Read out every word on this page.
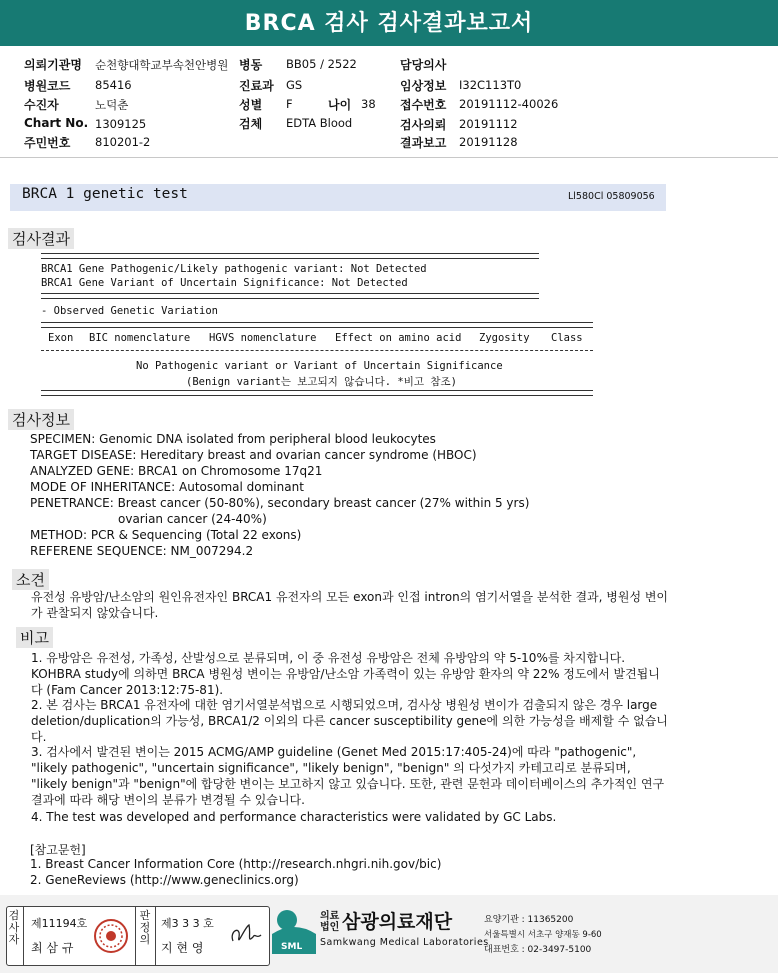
BRCA 검사 검사결과보고서
의뢰기관명 순천향대학교부속천안병원 병동 BB05 / 2522	담당의사
병원코드 85416	진료과 GS	임상정보 I32C113T0
수진자	노덕춘	성별 F	나이 38 접수번호 20191112-40026
Chart No. 1309125	검체 EDTA Blood	검사의뢰 20191112
주민번호 810201-2	결과보고 20191128
BRCA 1 genetic test	Ll580Cl 05809056
검사결과
BRCA1 Gene Pathogenic/Likely pathogenic variant: Not Detected
BRCA1 Gene Variant of Uncertain Significance: Not Detected
- Observed Genetic Variation
Exon BIC nomenclature HGVS nomenclature Effect on amino acid Zygosity Class
No Pathogenic variant or Variant of Uncertain Significance
(Benign variant는 보고되지 않습니다. *비고 참조)
검사정보
SPECIMEN: Genomic DNA isolated from peripheral blood leukocytes
TARGET DISEASE: Hereditary breast and ovarian cancer syndrome (HBOC)
ANALYZED GENE: BRCA1 on Chromosome 17q21
MODE OF INHERITANCE: Autosomal dominant
PENETRANCE: Breast cancer (50-80%), secondary breast cancer (27% within 5 yrs)
ovarian cancer (24-40%)
METHOD: PCR & Sequencing (Total 22 exons)
REFERENE SEQUENCE: NM_007294.2
소견
유전성 유방암/난소암의 원인유전자인 BRCA1 유전자의 모든 exon과 인접 intron의 염기서열을 분석한 결과, 병원성 변이가 관찰되지 않았습니다.
비고
1. 유방암은 유전성, 가족성, 산발성으로 분류되며, 이 중 유전성 유방암은 전체 유방암의 약 5-10%를 차지합니다. KOHBRA study에 의하면 BRCA 병원성 변이는 유방암/난소암 가족력이 있는 유방암 환자의 약 22% 정도에서 발견됩니다 (Fam Cancer 2013:12:75-81).
2. 본 검사는 BRCA1 유전자에 대한 염기서열분석법으로 시행되었으며, 검사상 병원성 변이가 검출되지 않은 경우 large deletion/duplication의 가능성, BRCA1/2 이외의 다른 cancer susceptibility gene에 의한 가능성을 배제할 수 없습니다.
3. 검사에서 발견된 변이는 2015 ACMG/AMP guideline (Genet Med 2015:17:405-24)에 따라 "pathogenic", "likely pathogenic", "uncertain significance", "likely benign", "benign" 의 다섯가지 카테고리로 분류되며, "likely benign"과 "benign"에 합당한 변이는 보고하지 않고 있습니다. 또한, 관련 문헌과 데이터베이스의 추가적인 연구 결과에 따라 해당 변이의 분류가 변경될 수 있습니다.
4. The test was developed and performance characteristics were validated by GC Labs.
[참고문헌]
1. Breast Cancer Information Core (http://research.nhgri.nih.gov/bic)
2. GeneReviews (http://www.geneclinics.org)
검사자
제11194호
최 삼 규
판정의
제3 3 3 호
지 현 영	SML
의료법인 삼광의료재단
Samkwang Medical Laboratories
요양기관 : 11365200
서울특별시 서초구 양재동 9-60
대표번호 : 02-3497-5100
